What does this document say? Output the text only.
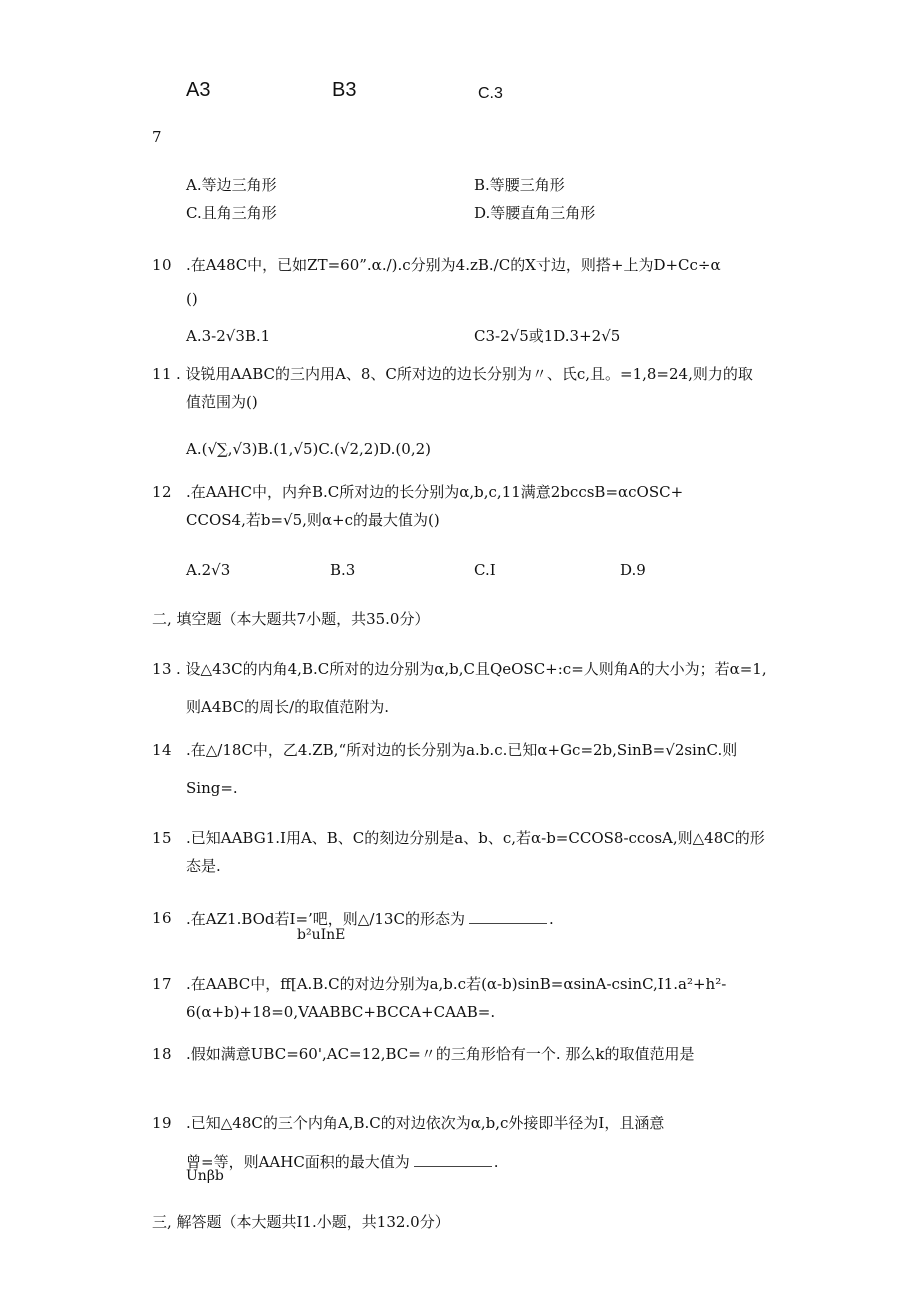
A3	B3	C.3
7
A.等边三角形	B.等腰三角形
C.且角三角形	D.等腰直角三角形
10 .在A48C中，已如ZT=60”.α./).c分别为4.zB./C的X寸边，则搭+上为D+Cc÷α
()
A.3-2√3B.1	C3-2√5或1D.3+2√5
11 . 设锐用AABC的三内用A、8、C所对边的边长分别为〃、氏c,且。=1,8=24,则力的取
值范围为()
A.(√∑,√3)B.(1,√5)C.(√2,2)D.(0,2)
12 .在AAHC中，内弁B.C所对边的长分别为α,b,c,11满意2bccsB=αcOSC+
CCOS4,若b=√5,则α+c的最大值为()
A.2√3	B.3	C.I	D.9
二, 填空题（本大题共7小题，共35.0分）
13 . 设△43C的内角4,B.C所对的边分别为α,b,C且QeOSC+:c=人则角A的大小为；若α=1,
则A4BC的周长/的取值范附为.
14 .在△/18C中，乙4.ZB,“所对边的长分别为a.b.c.已知α+Gc=2b,SinB=√2sinC.则
Sing=.
15 .已知AABG1.I用A、B、C的刻边分别是a、b、c,若α-b=CCOS8-ccosA,则△48C的形
态是.
16 .在AZ1.BOd若I=’吧，则△/13C的形态为	.
b²uInE
17 .在AABC中，ff[A.B.C的对边分别为a,b.c若(α-b)sinB=αsinA-csinC,I1.a²+h²-
6(α+b)+18=0,VAABBC+BCCA+CAAB=.
18 .假如满意UBC=60',AC=12,BC=〃的三角形恰有一个. 那么k的取值范用是
19 .已知△48C的三个内角A,B.C的对边依次为α,b,c外接即半径为I，且涵意
曾=等，则AAHC面积的最大值为	.
Unβb
三, 解答题（本大题共I1.小题，共132.0分）
